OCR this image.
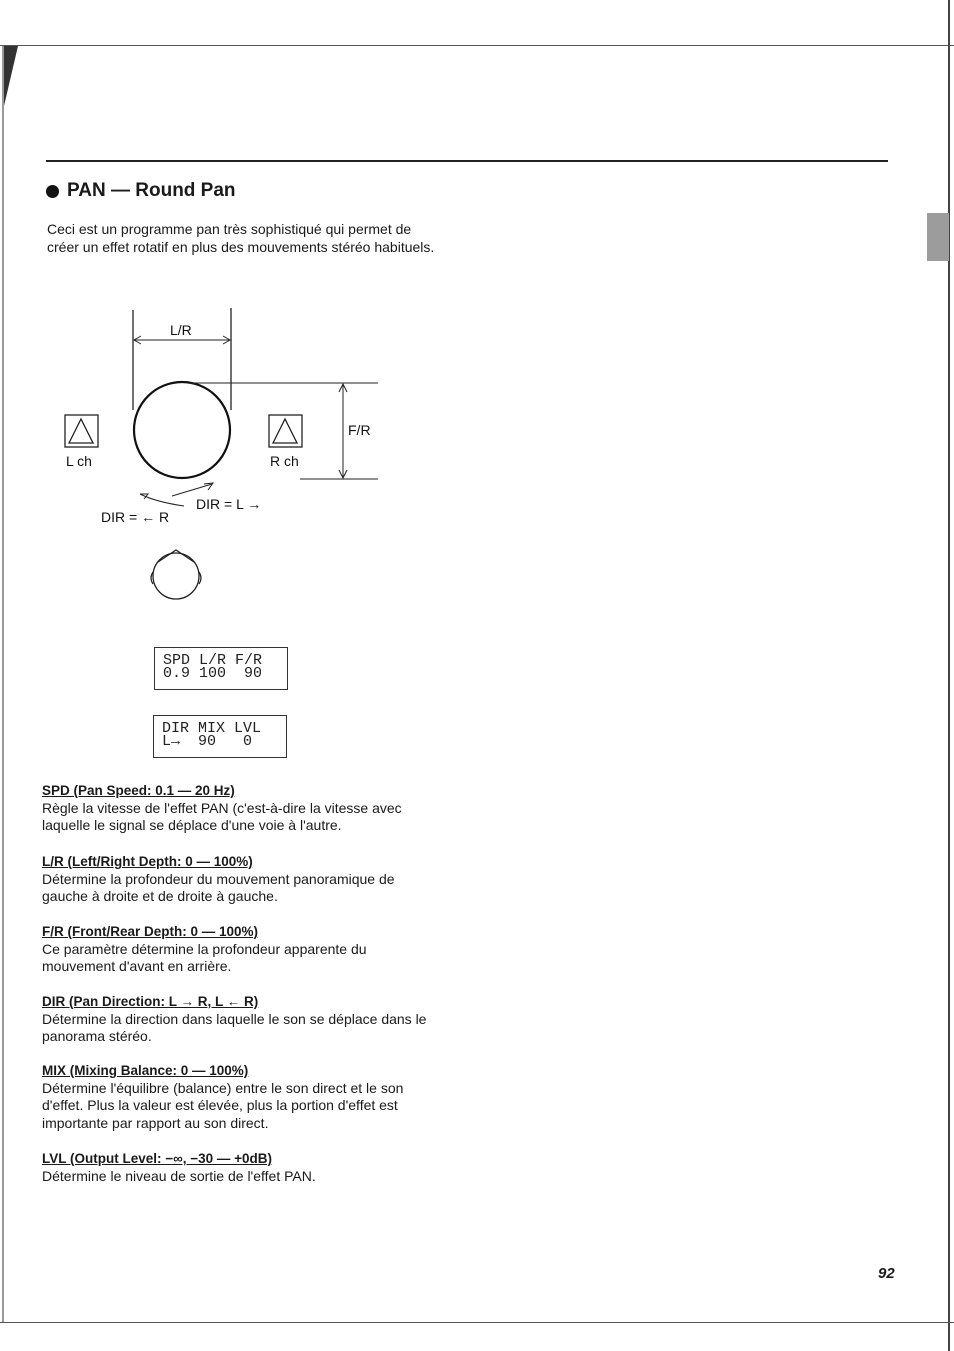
PAN — Round Pan
Ceci est un programme pan très sophistiqué qui permet de créer un effet rotatif en plus des mouvements stéréo habituels.
L/R
F/R
L ch	R ch
DIR = L →
DIR = ← R
SPD L/R F/R
0.9 100  90
DIR MIX LVL
L→  90   0
SPD (Pan Speed: 0.1 — 20 Hz)
Règle la vitesse de l'effet PAN (c'est-à-dire la vitesse avec laquelle le signal se déplace d'une voie à l'autre.
L/R (Left/Right Depth: 0 — 100%)
Détermine la profondeur du mouvement panoramique de gauche à droite et de droite à gauche.
F/R (Front/Rear Depth: 0 — 100%)
Ce paramètre détermine la profondeur apparente du mouvement d'avant en arrière.
DIR (Pan Direction: L → R, L ← R)
Détermine la direction dans laquelle le son se déplace dans le panorama stéréo.
MIX (Mixing Balance: 0 — 100%)
Détermine l'équilibre (balance) entre le son direct et le son d'effet. Plus la valeur est élevée, plus la portion d'effet est importante par rapport au son direct.
LVL (Output Level: −∞, −30 — +0dB)
Détermine le niveau de sortie de l'effet PAN.
92
